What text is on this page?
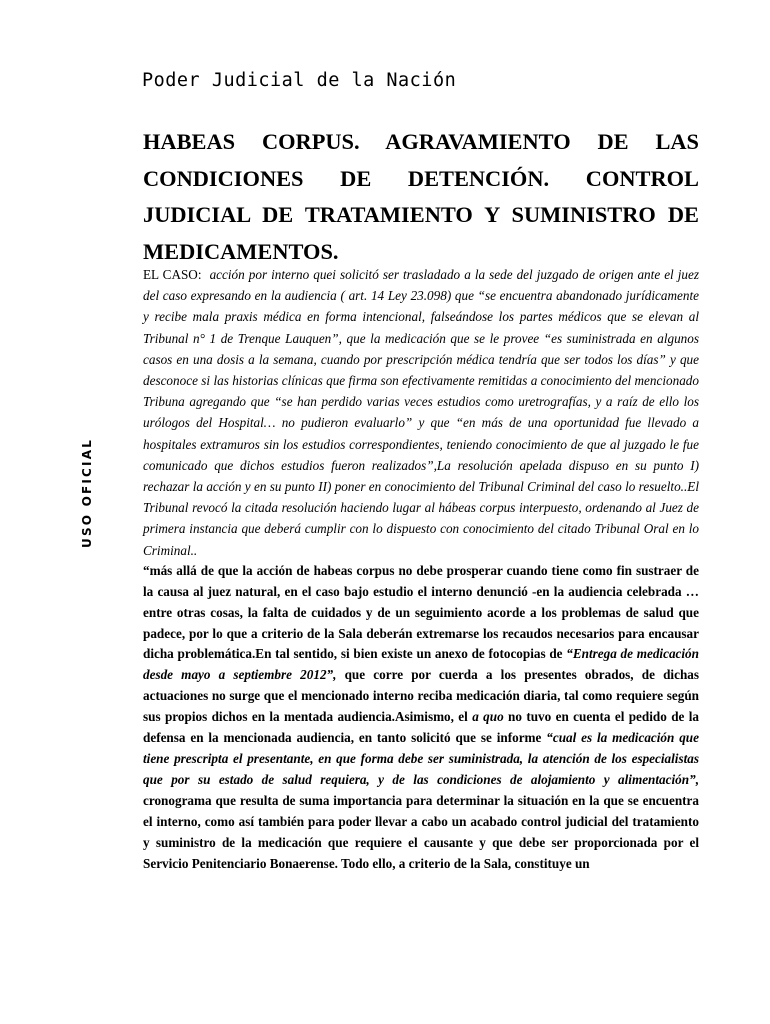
Poder Judicial de la Nación
USO OFICIAL
HABEAS CORPUS. AGRAVAMIENTO DE LAS CONDICIONES DE DETENCIÓN. CONTROL JUDICIAL DE TRATAMIENTO Y SUMINISTRO DE MEDICAMENTOS.

EL CASO: acción por interno quei solicitó ser trasladado a la sede del juzgado de origen ante el juez del caso expresando en la audiencia ( art. 14 Ley 23.098) que “se encuentra abandonado jurídicamente y recibe mala praxis médica en forma intencional, falseándose los partes médicos que se elevan al Tribunal n° 1 de Trenque Lauquen”, que la medicación que se le provee “es suministrada en algunos casos en una dosis a la semana, cuando por prescripción médica tendría que ser todos los días” y que desconoce si las historias clínicas que firma son efectivamente remitidas a conocimiento del mencionado Tribuna agregando que “se han perdido varias veces estudios como uretrografías, y a raíz de ello los urólogos del Hospital… no pudieron evaluarlo” y que “en más de una oportunidad fue llevado a hospitales extramuros sin los estudios correspondientes, teniendo conocimiento de que al juzgado le fue comunicado que dichos estudios fueron realizados”,La resolución apelada dispuso en su punto I) rechazar la acción y en su punto II) poner en conocimiento del Tribunal Criminal del caso lo resuelto..El Tribunal revocó la citada resolución haciendo lugar al hábeas corpus interpuesto, ordenando al Juez de primera instancia que deberá cumplir con lo dispuesto con conocimiento del citado Tribunal Oral en lo Criminal..

“más allá de que la acción de habeas corpus no debe prosperar cuando tiene como fin sustraer de la causa al juez natural, en el caso bajo estudio el interno denunció -en la audiencia celebrada …entre otras cosas, la falta de cuidados y de un seguimiento acorde a los problemas de salud que padece, por lo que a criterio de la Sala deberán extremarse los recaudos necesarios para encausar dicha problemática.En tal sentido, si bien existe un anexo de fotocopias de “Entrega de medicación desde mayo a septiembre 2012”, que corre por cuerda a los presentes obrados, de dichas actuaciones no surge que el mencionado interno reciba medicación diaria, tal como requiere según sus propios dichos en la mentada audiencia.Asimismo, el a quo no tuvo en cuenta el pedido de la defensa en la mencionada audiencia, en tanto solicitó que se informe “cual es la medicación que tiene prescripta el presentante, en que forma debe ser suministrada, la atención de los especialistas que por su estado de salud requiera, y de las condiciones de alojamiento y alimentación”, cronograma que resulta de suma importancia para determinar la situación en la que se encuentra el interno, como así también para poder llevar a cabo un acabado control judicial del tratamiento y suministro de la medicación que requiere el causante y que debe ser proporcionada por el Servicio Penitenciario Bonaerense. Todo ello, a criterio de la Sala, constituye un
